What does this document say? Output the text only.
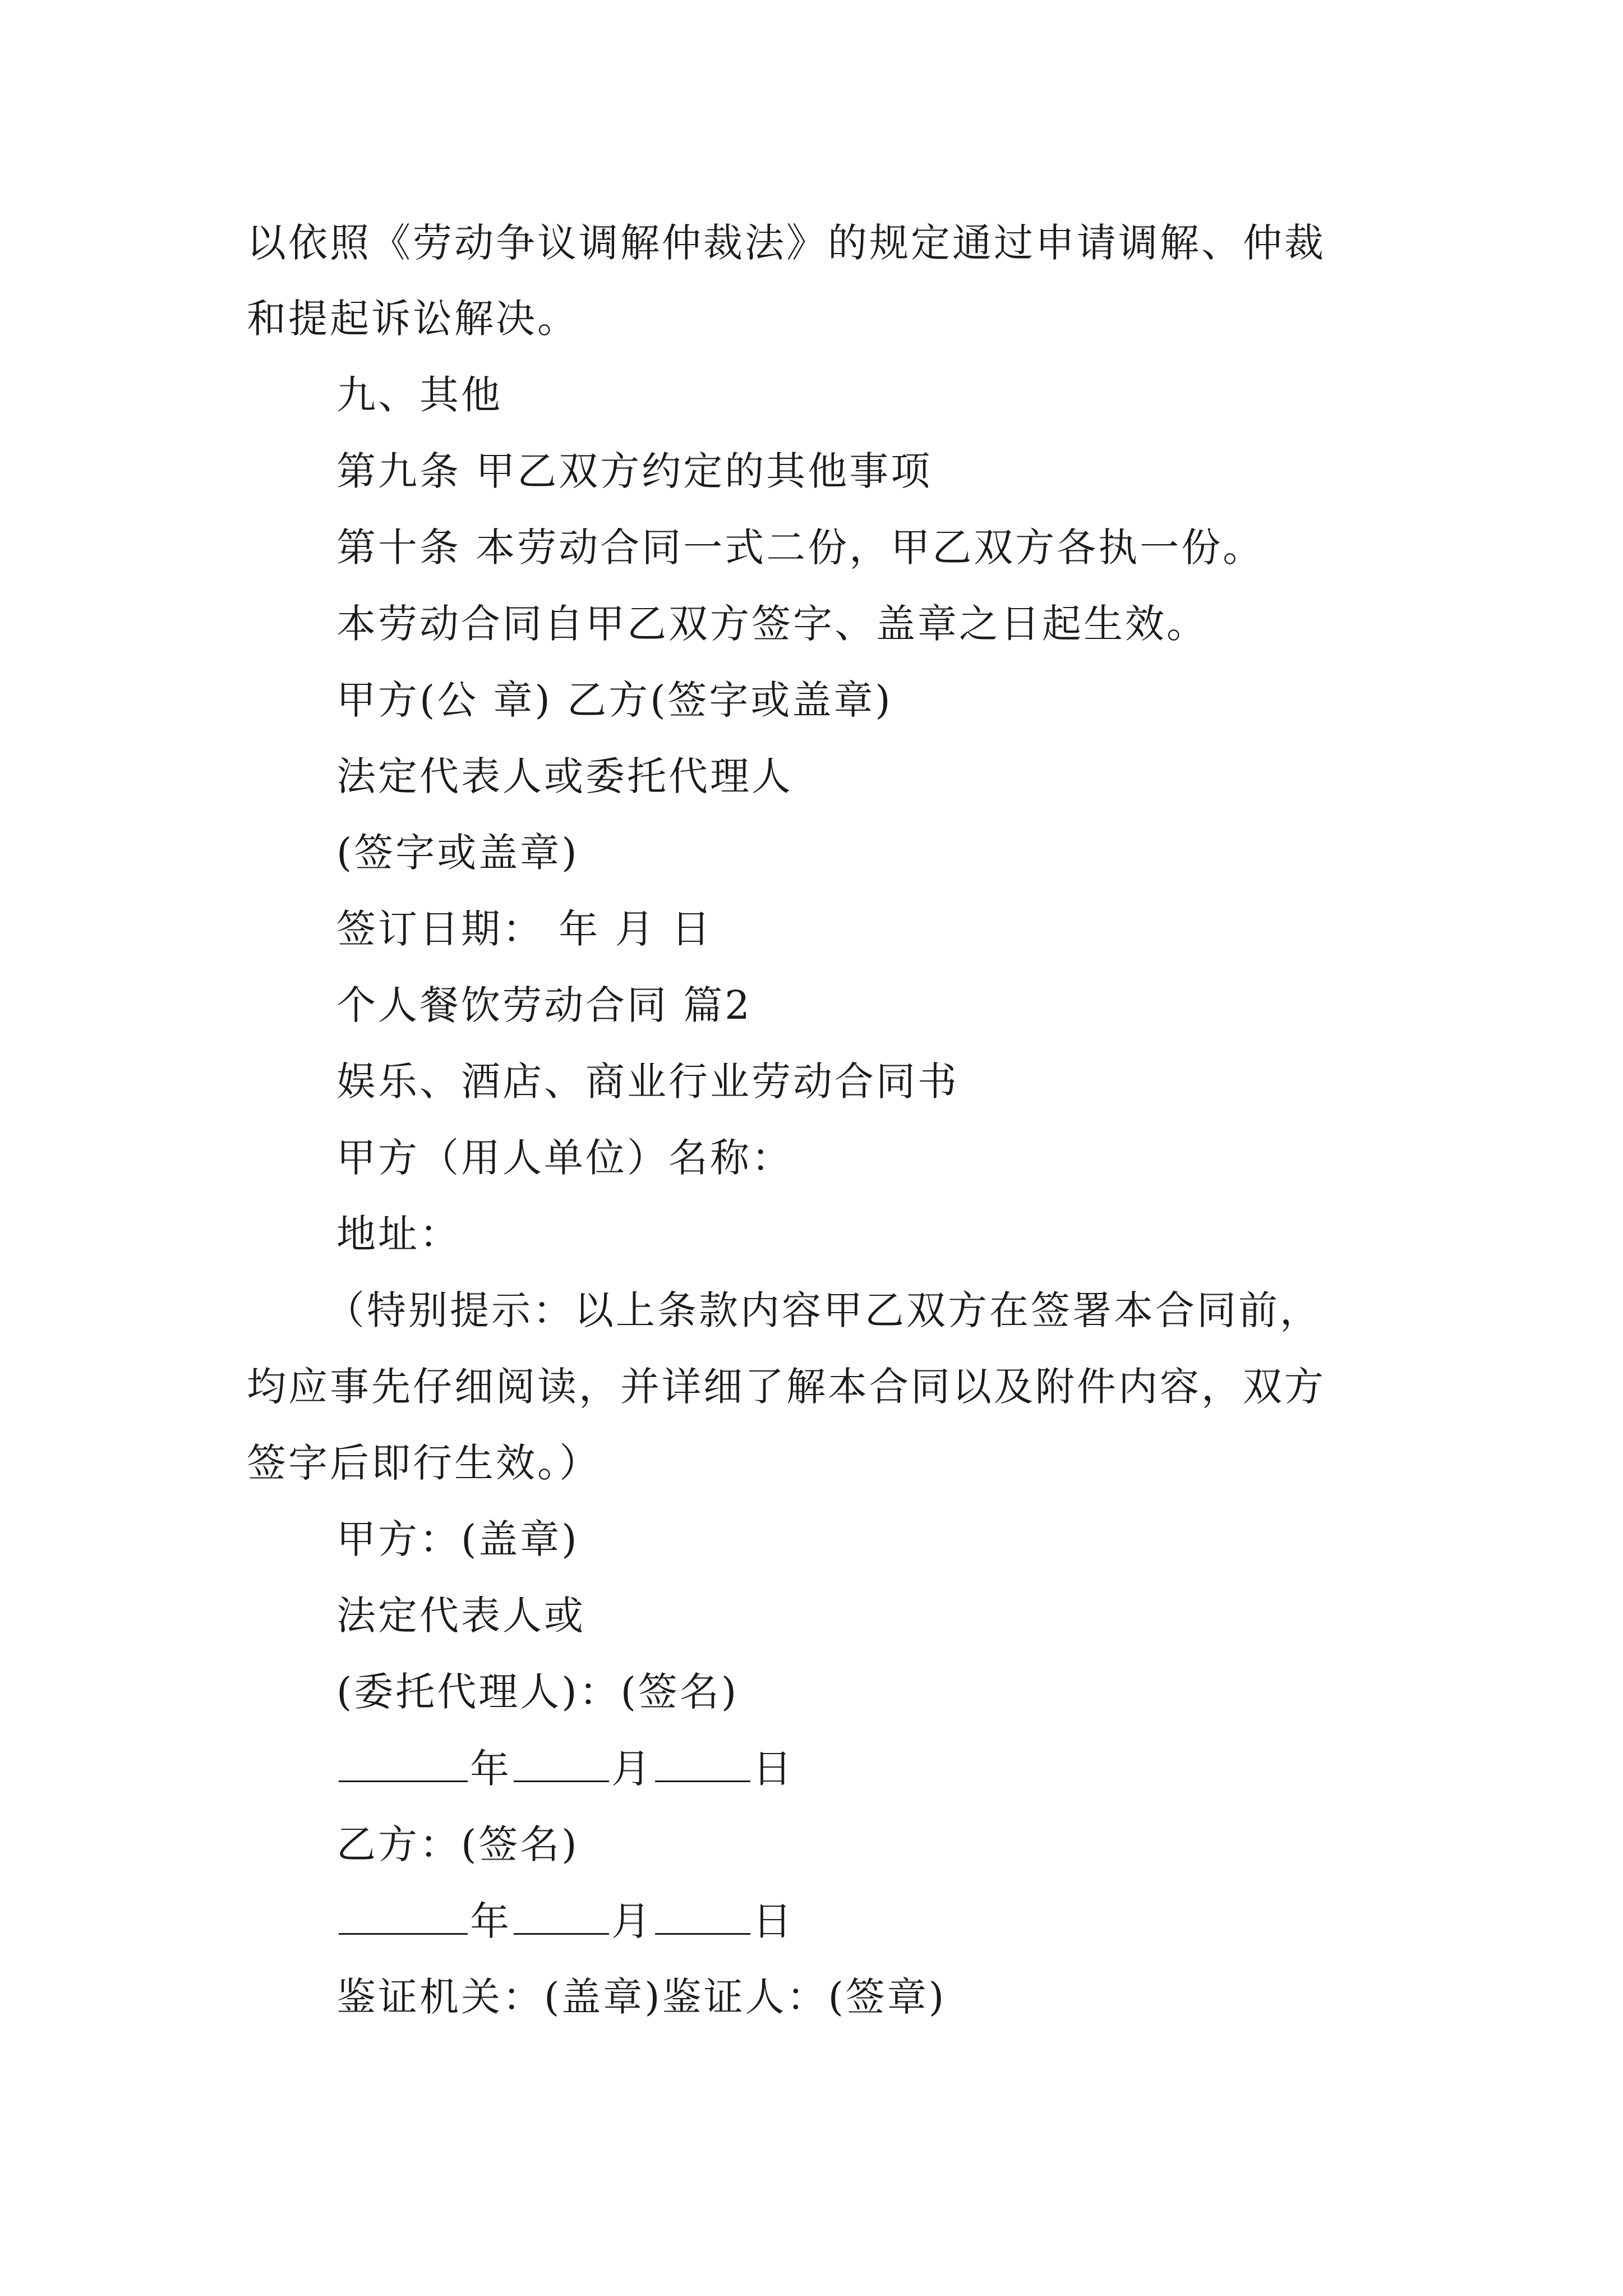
以依照《劳动争议调解仲裁法》的规定通过申请调解、仲裁
和提起诉讼解决。
九、其他
第九条 甲乙双方约定的其他事项
第十条 本劳动合同一式二份，甲乙双方各执一份。
本劳动合同自甲乙双方签字、盖章之日起生效。
甲方(公 章) 乙方(签字或盖章)
法定代表人或委托代理人
(签字或盖章)
签订日期： 年 月 日
个人餐饮劳动合同 篇2
娱乐、酒店、商业行业劳动合同书
甲方（用人单位）名称：
地址：
（特别提示：以上条款内容甲乙双方在签署本合同前，
均应事先仔细阅读，并详细了解本合同以及附件内容，双方
签字后即行生效。）
甲方：(盖章)
法定代表人或
(委托代理人)：(签名)
年	月	日
乙方：(签名)
年	月	日
鉴证机关：(盖章)鉴证人：(签章)
